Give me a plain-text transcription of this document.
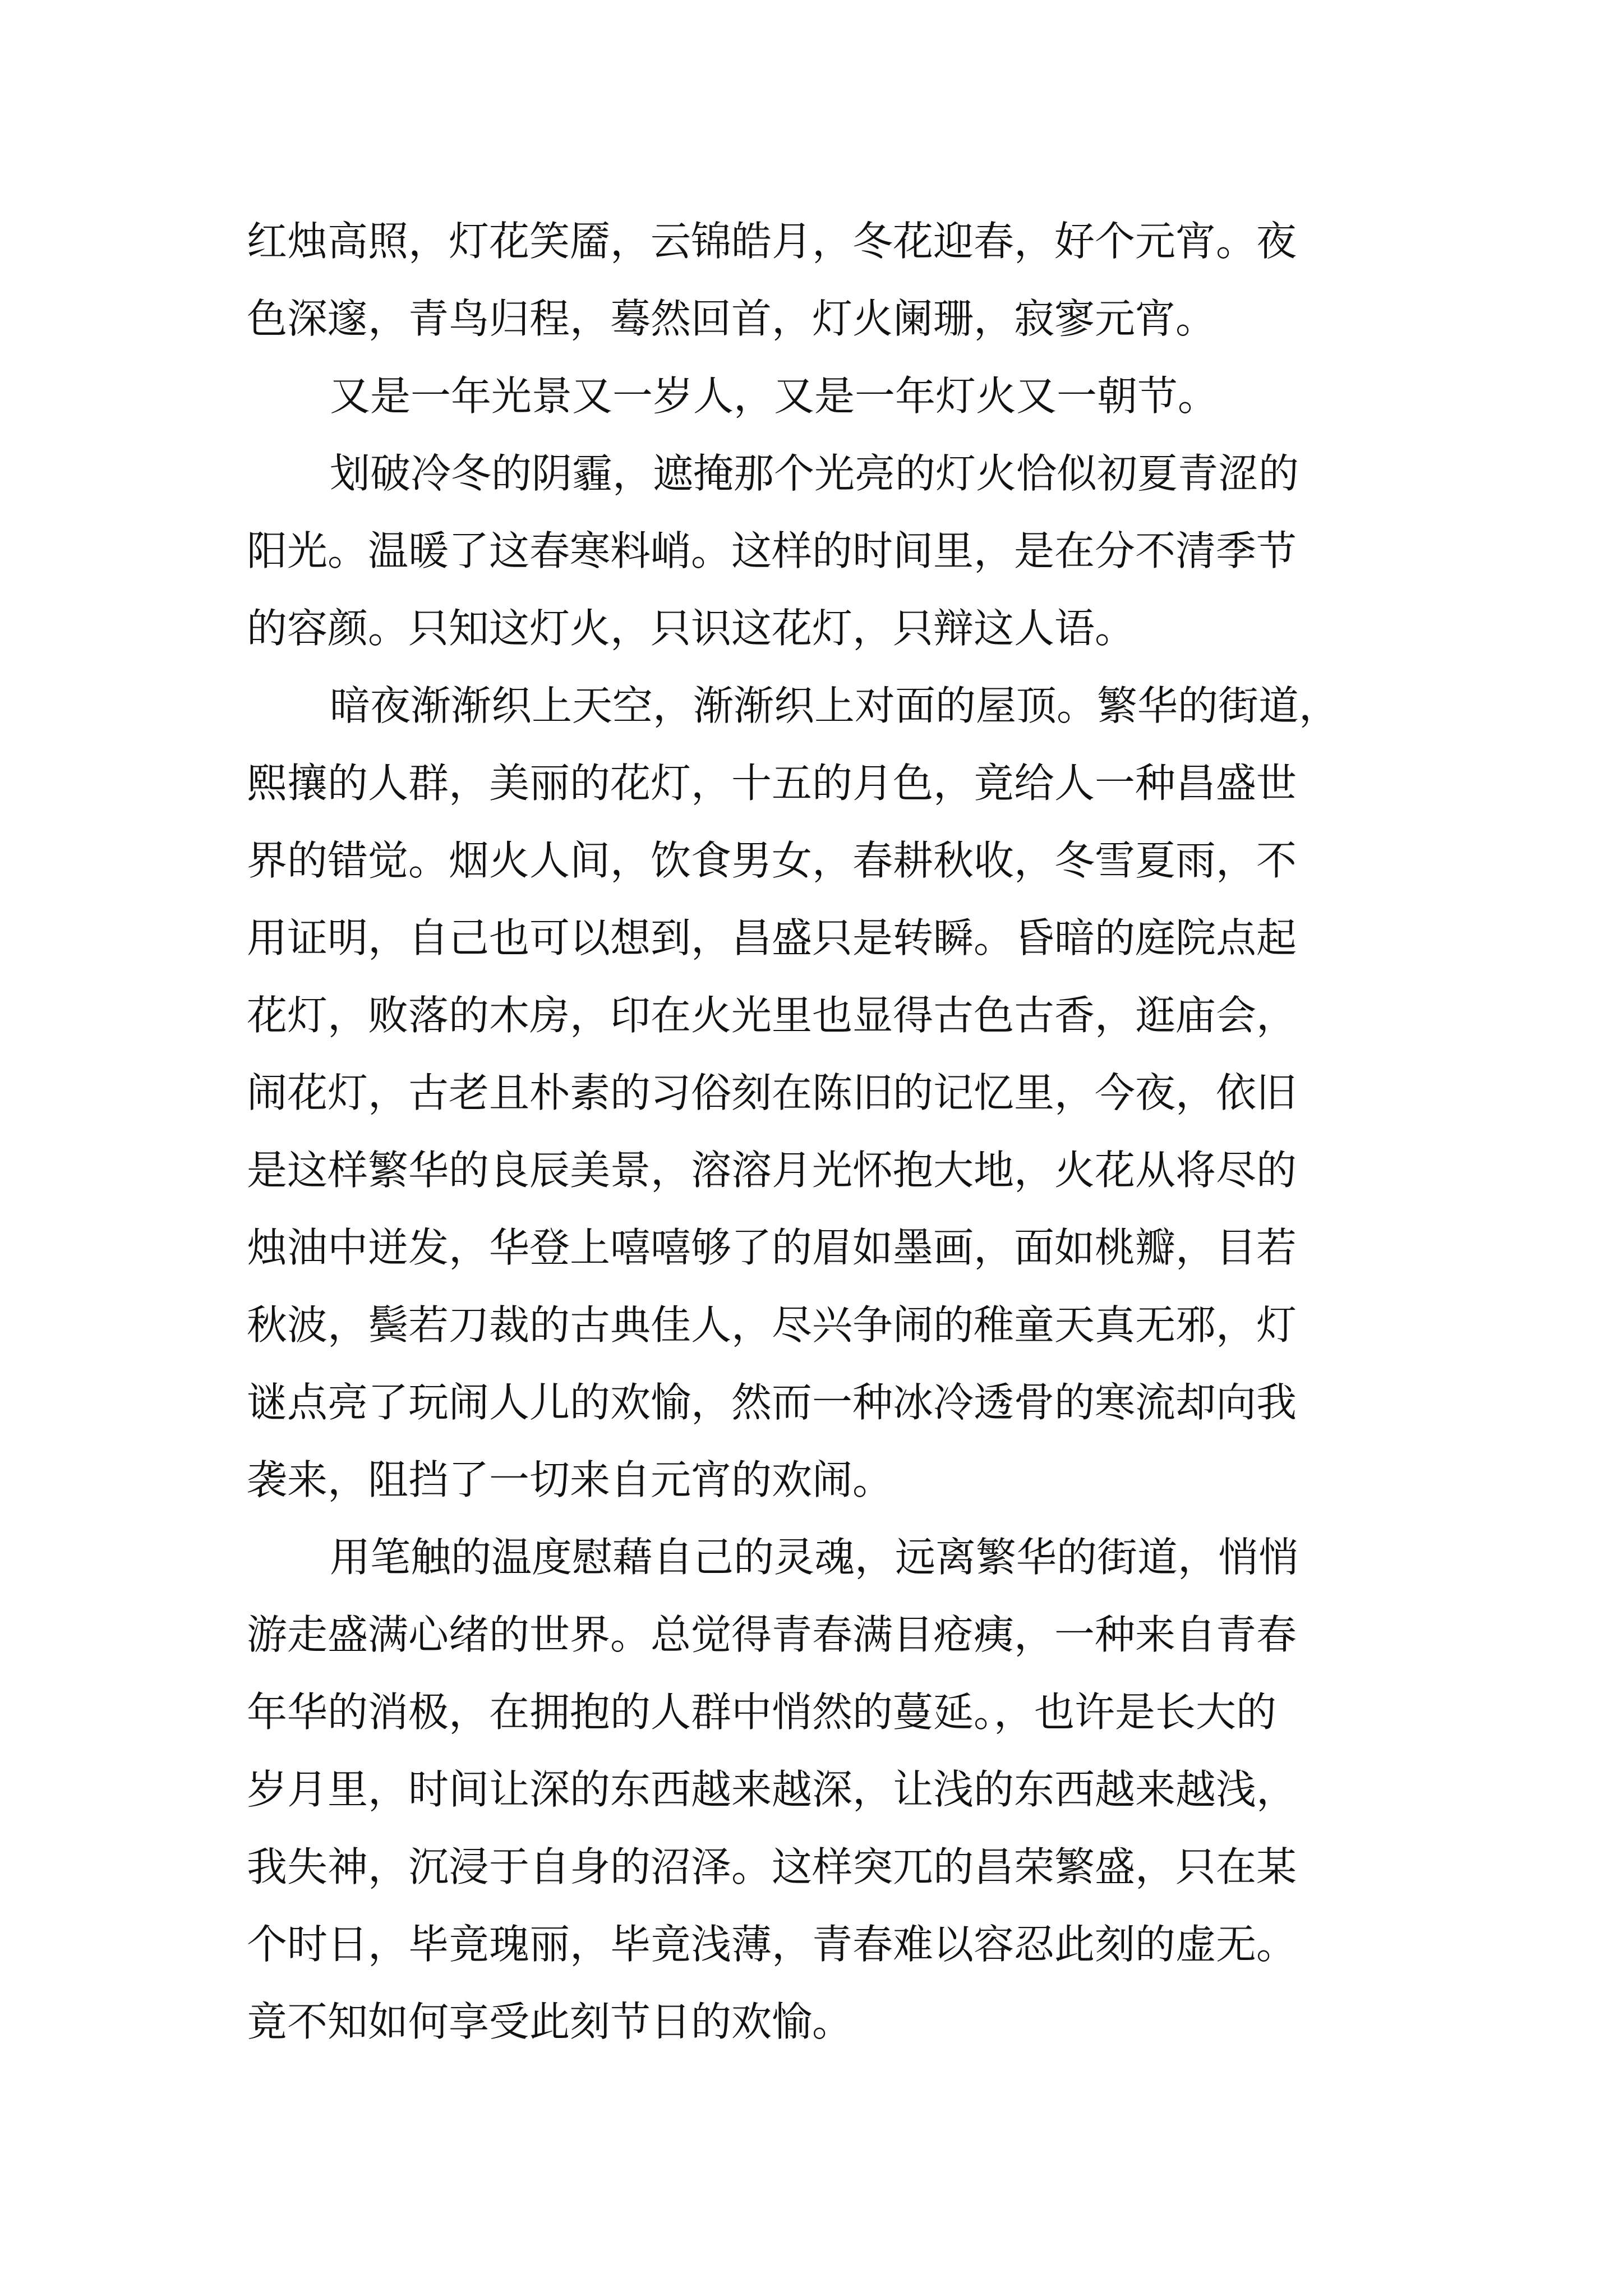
红烛高照，灯花笑靥，云锦皓月，冬花迎春，好个元宵。夜
色深邃，青鸟归程，蓦然回首，灯火阑珊，寂寥元宵。
又是一年光景又一岁人，又是一年灯火又一朝节。
划破冷冬的阴霾，遮掩那个光亮的灯火恰似初夏青涩的
阳光。温暖了这春寒料峭。这样的时间里，是在分不清季节
的容颜。只知这灯火，只识这花灯，只辩这人语。
暗夜渐渐织上天空，渐渐织上对面的屋顶。繁华的街道，
熙攘的人群，美丽的花灯，十五的月色，竟给人一种昌盛世
界的错觉。烟火人间，饮食男女，春耕秋收，冬雪夏雨，不
用证明，自己也可以想到，昌盛只是转瞬。昏暗的庭院点起
花灯，败落的木房，印在火光里也显得古色古香，逛庙会，
闹花灯，古老且朴素的习俗刻在陈旧的记忆里，今夜，依旧
是这样繁华的良辰美景，溶溶月光怀抱大地，火花从将尽的
烛油中迸发，华登上嘻嘻够了的眉如墨画，面如桃瓣，目若
秋波，鬓若刀裁的古典佳人，尽兴争闹的稚童天真无邪，灯
谜点亮了玩闹人儿的欢愉，然而一种冰冷透骨的寒流却向我
袭来，阻挡了一切来自元宵的欢闹。
用笔触的温度慰藉自己的灵魂，远离繁华的街道，悄悄
游走盛满心绪的世界。总觉得青春满目疮痍，一种来自青春
年华的消极，在拥抱的人群中悄然的蔓延。，也许是长大的
岁月里，时间让深的东西越来越深，让浅的东西越来越浅，
我失神，沉浸于自身的沼泽。这样突兀的昌荣繁盛，只在某
个时日，毕竟瑰丽，毕竟浅薄，青春难以容忍此刻的虚无。
竟不知如何享受此刻节日的欢愉。
